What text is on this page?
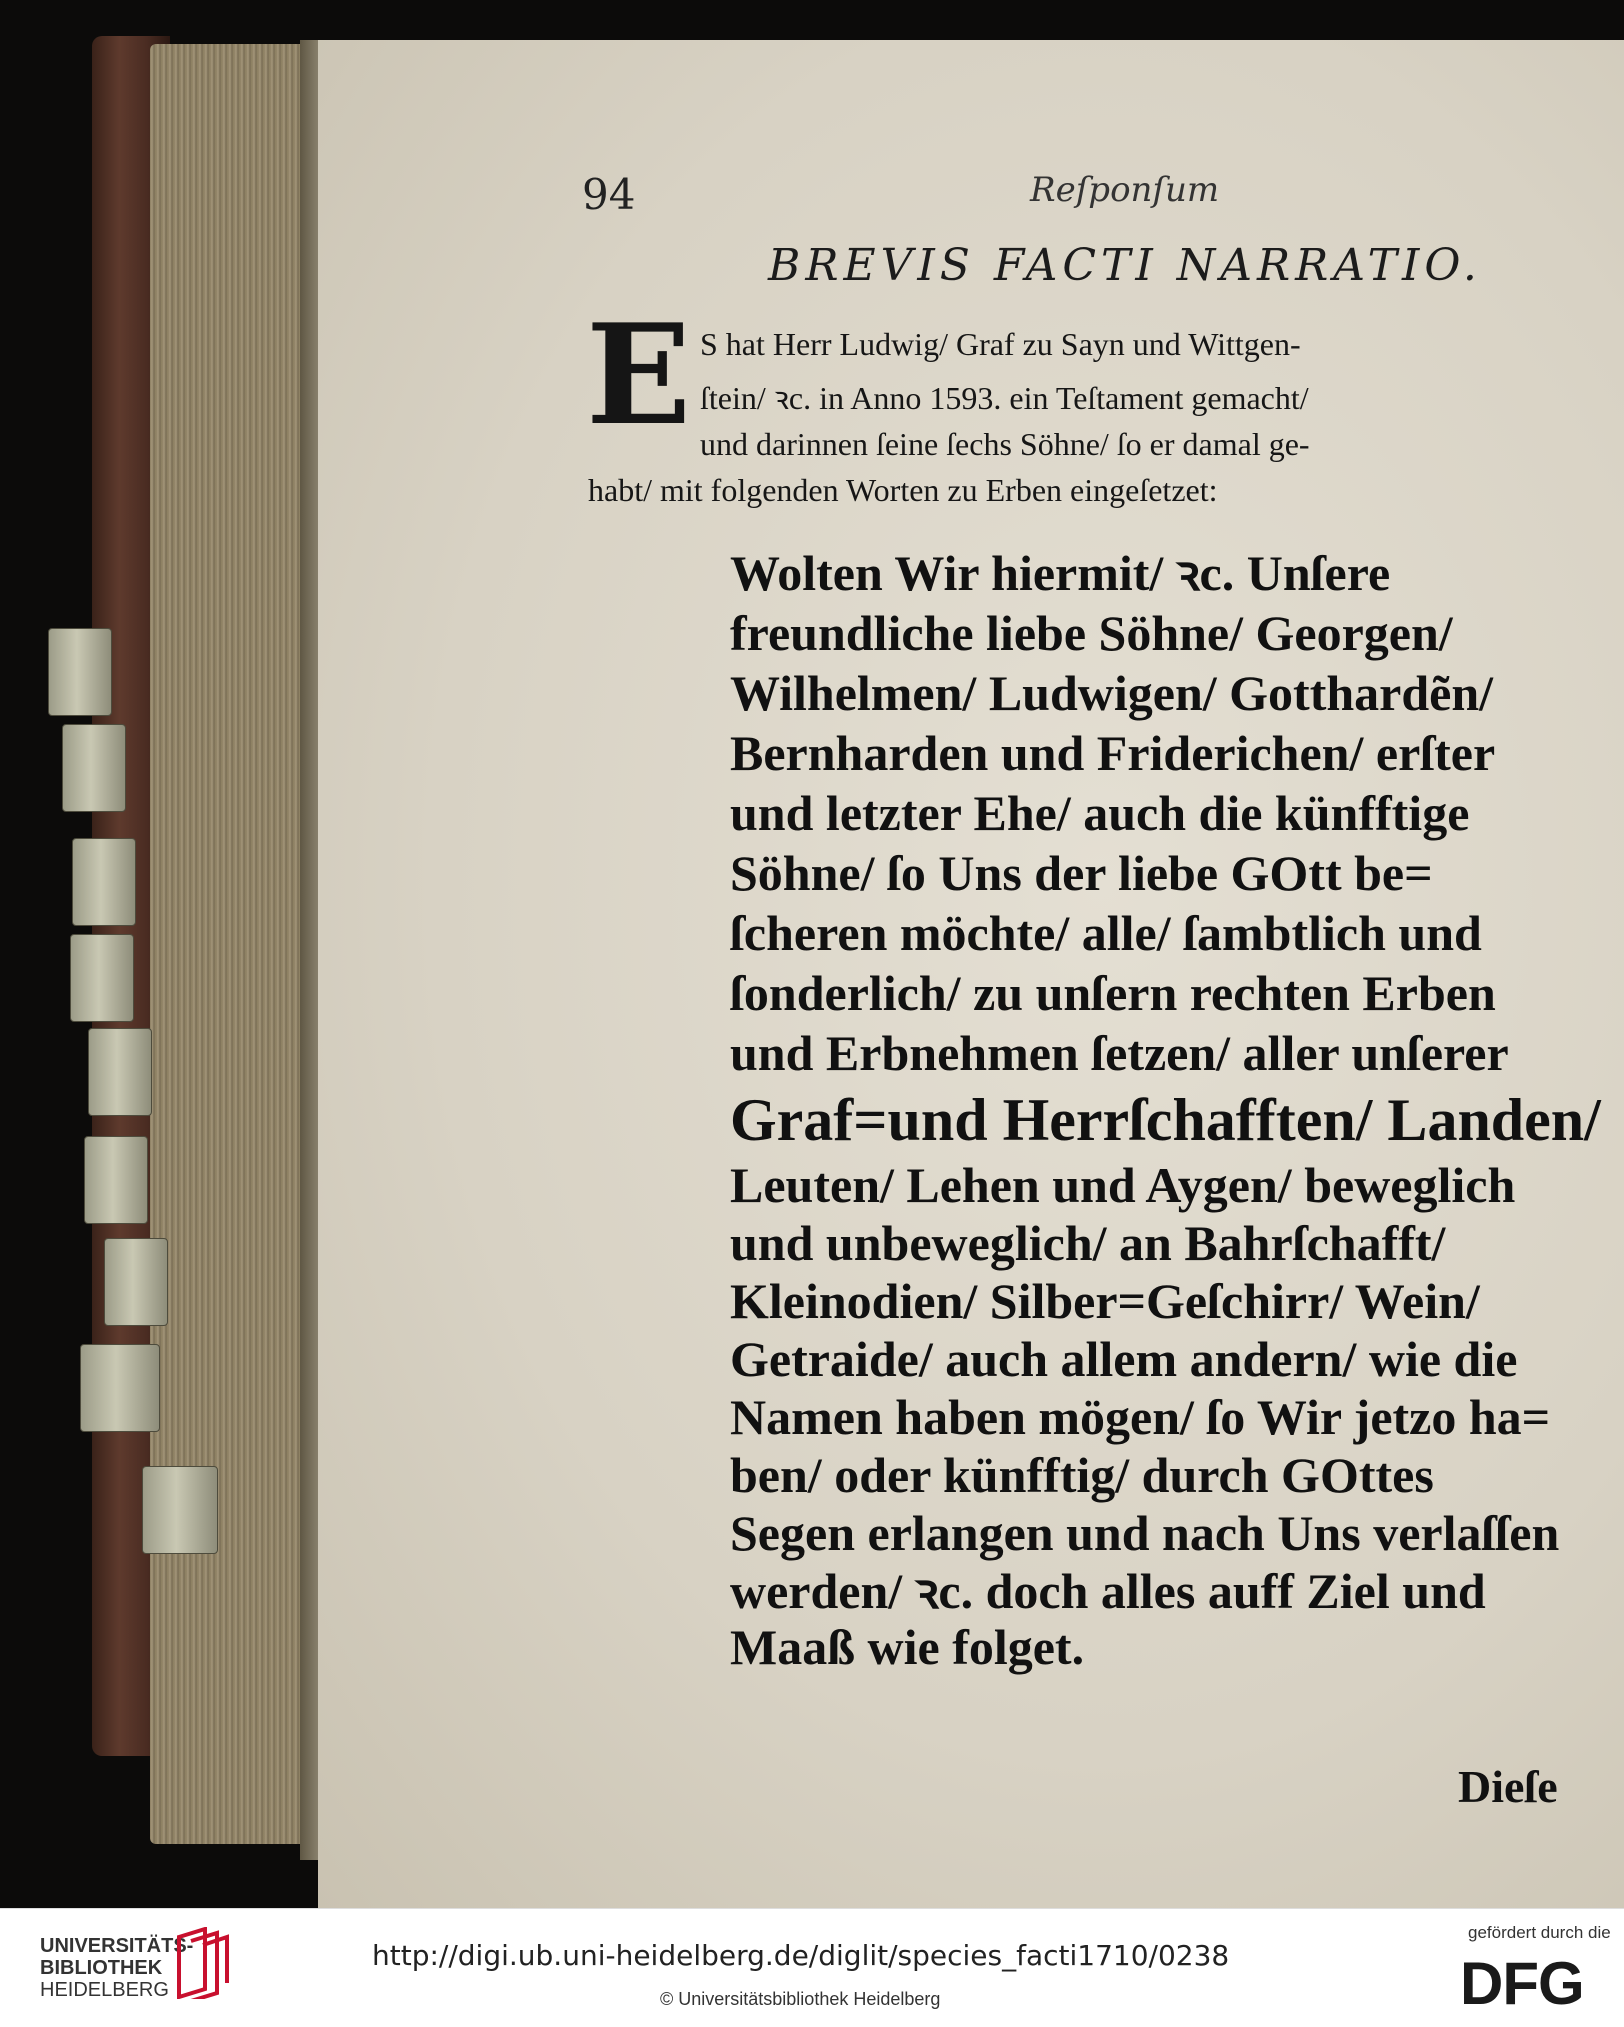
94	Reſponſum
BREVIS FACTI NARRATIO.
E S hat Herr Ludwig/ Graf zu Sayn und Wittgen-
ſtein/ ꝛc. in Anno 1593. ein Teſtament gemacht/
und darinnen ſeine ſechs Söhne/ ſo er damal ge-
habt/ mit folgenden Worten zu Erben eingeſetzet:
Wolten Wir hiermit/ ꝛc. Unſere
freundliche liebe Söhne/ Georgen/
Wilhelmen/ Ludwigen/ Gotthardẽn/
Bernharden und Friderichen/ erſter
und letzter Ehe/ auch die künfftige
Söhne/ ſo Uns der liebe GOtt be=
ſcheren möchte/ alle/ ſambtlich und
ſonderlich/ zu unſern rechten Erben
und Erbnehmen ſetzen/ aller unſerer
Graf=und Herrſchafften/ Landen/
Leuten/ Lehen und Aygen/ beweglich
und unbeweglich/ an Bahrſchafft/
Kleinodien/ Silber=Geſchirr/ Wein/
Getraide/ auch allem andern/ wie die
Namen haben mögen/ ſo Wir jetzo ha=
ben/ oder künfftig/ durch GOttes
Segen erlangen und nach Uns verlaſſen
werden/ ꝛc. doch alles auff Ziel und
Maaß wie folget.
Dieſe
UNIVERSITÄTS-
BIBLIOTHEK
HEIDELBERG
http://digi.ub.uni-heidelberg.de/diglit/species_facti1710/0238
© Universitätsbibliothek Heidelberg
gefördert durch die
DFG
